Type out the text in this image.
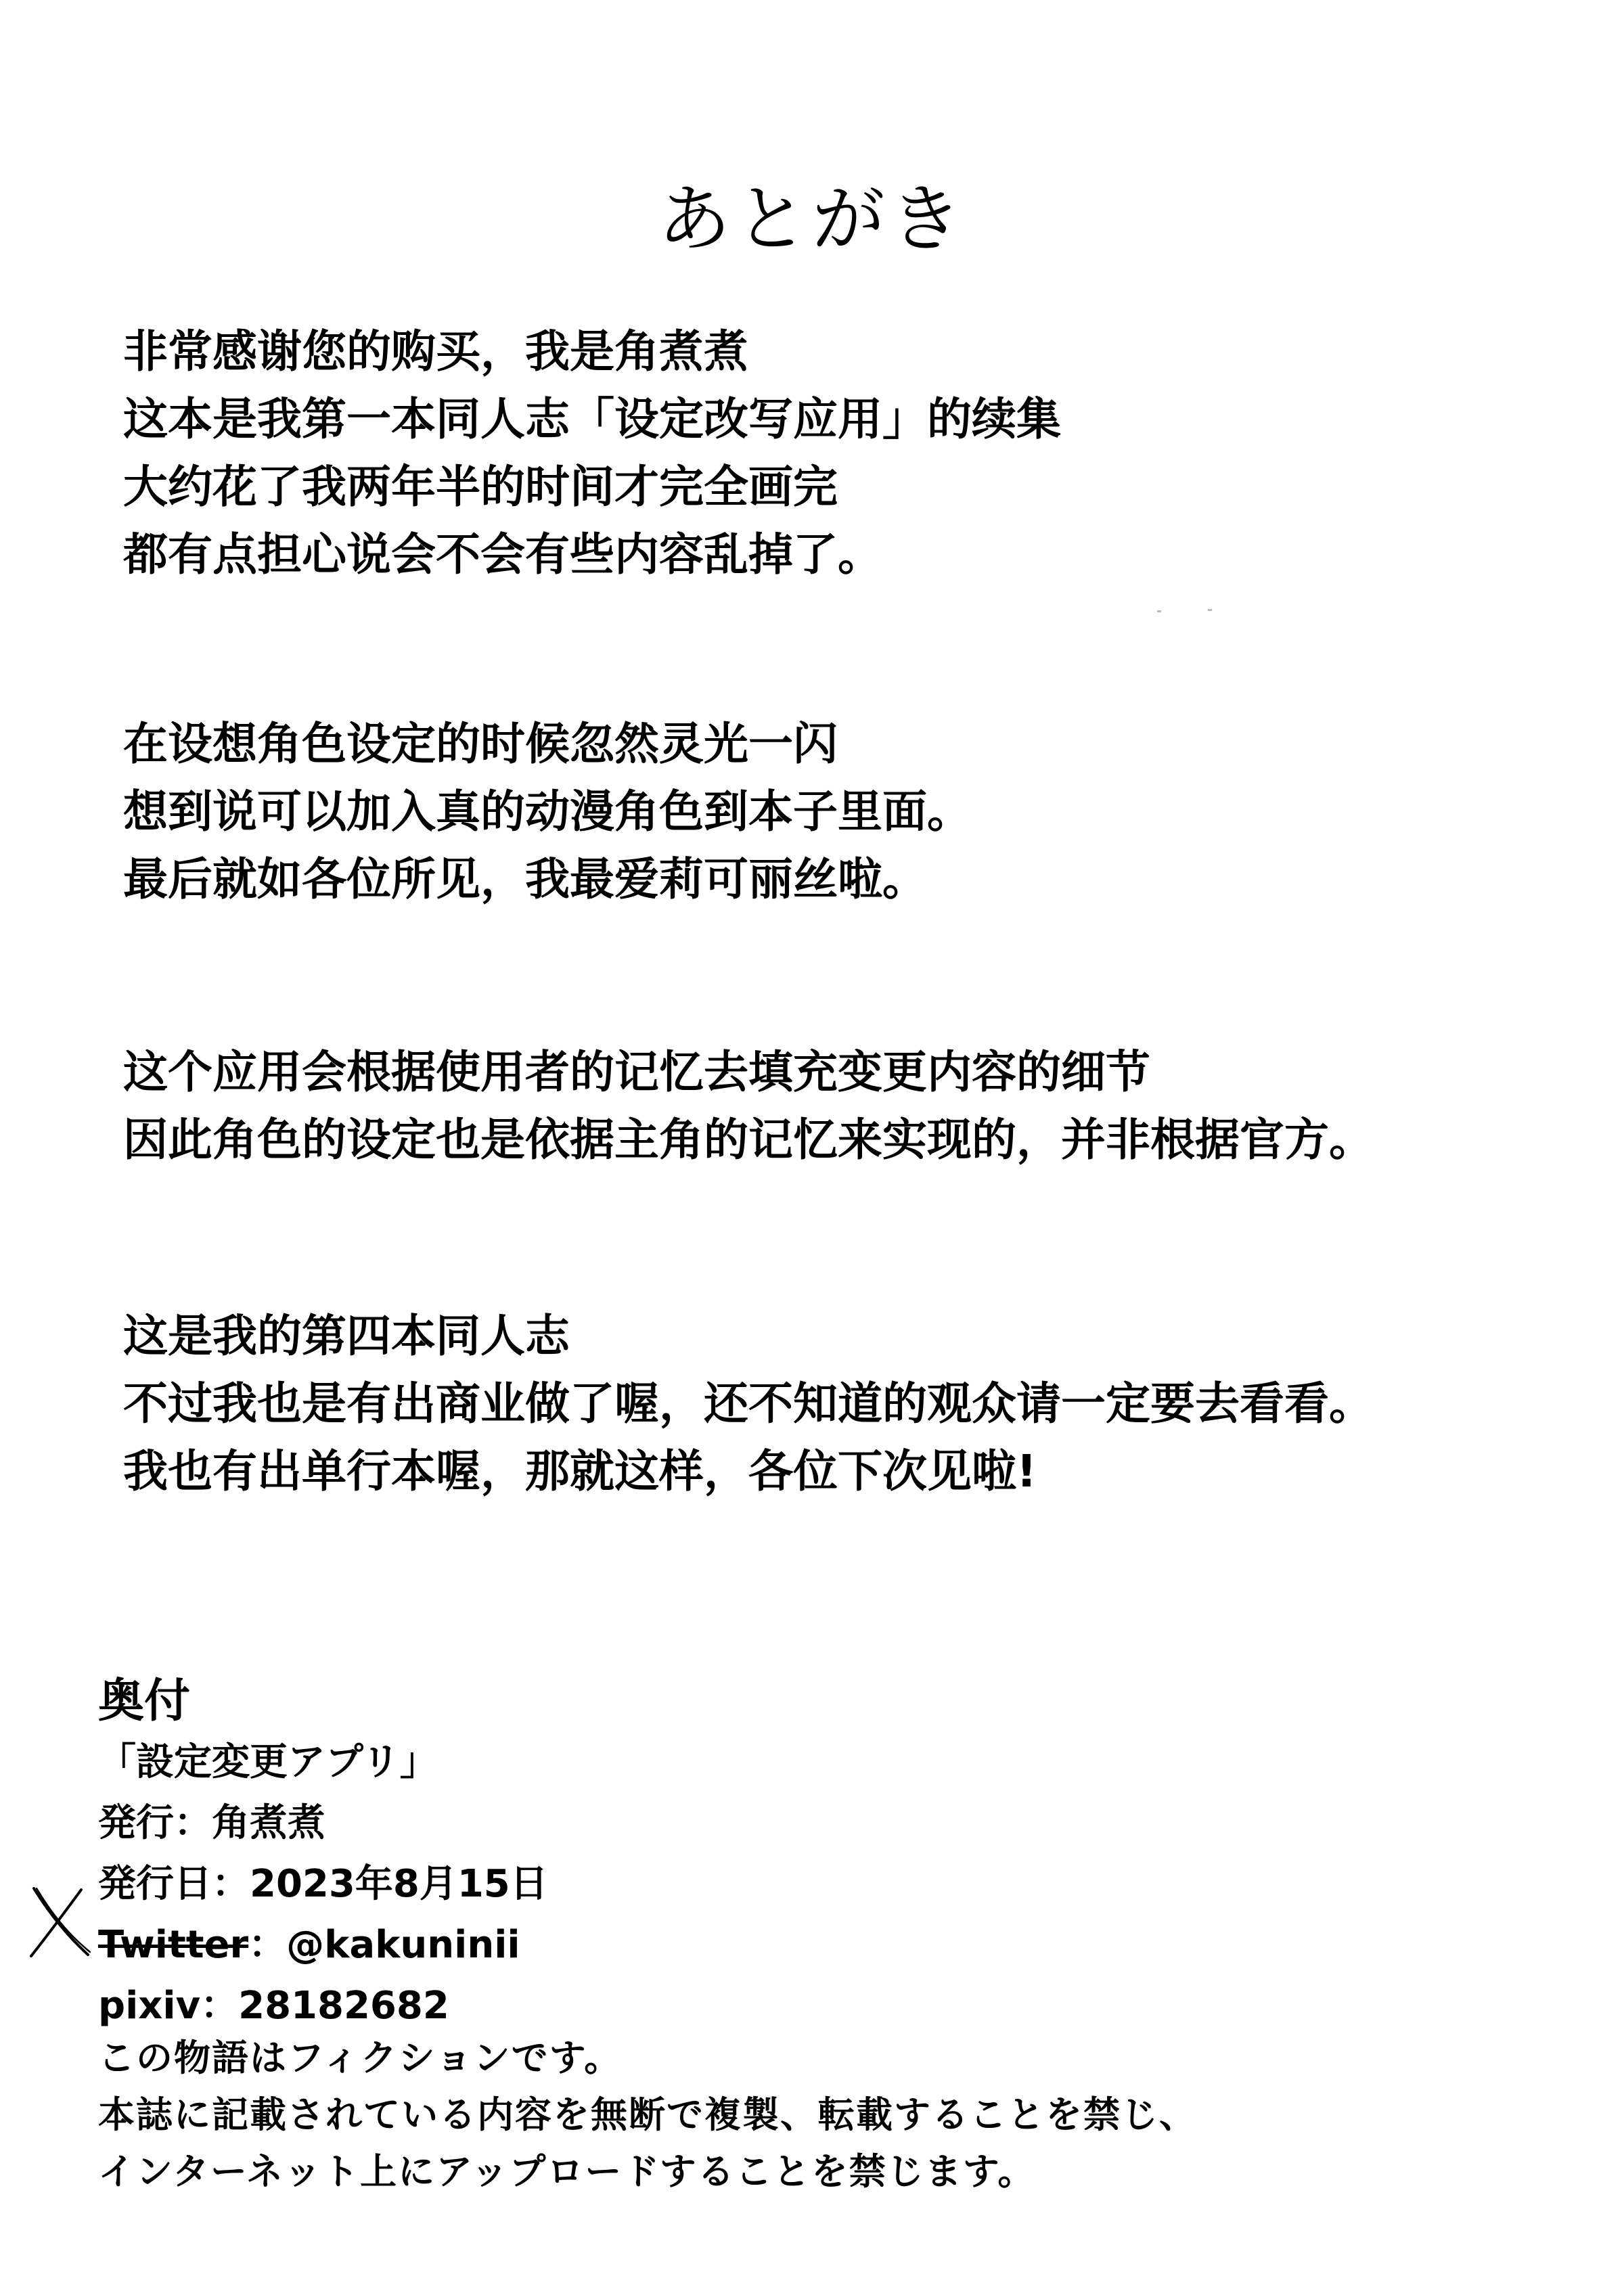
あとがき

非常感谢您的购买，我是角煮煮
这本是我第一本同人志「设定改写应用」的续集
大约花了我两年半的时间才完全画完
都有点担心说会不会有些内容乱掉了。

在设想角色设定的时候忽然灵光一闪
想到说可以加入真的动漫角色到本子里面。
最后就如各位所见，我最爱莉可丽丝啦。

这个应用会根据使用者的记忆去填充变更内容的细节
因此角色的设定也是依据主角的记忆来实现的，并非根据官方。

这是我的第四本同人志
不过我也是有出商业做了喔，还不知道的观众请一定要去看看。
我也有出单行本喔，那就这样，各位下次见啦!

奥付
「設定変更アプリ」
発行：角煮煮
発行日：2023年8月15日
Twitter：@kakuninii
pixiv：28182682
この物語はフィクションです。
本誌に記載されている内容を無断で複製、転載することを禁じ、
インターネット上にアップロードすることを禁じます。
